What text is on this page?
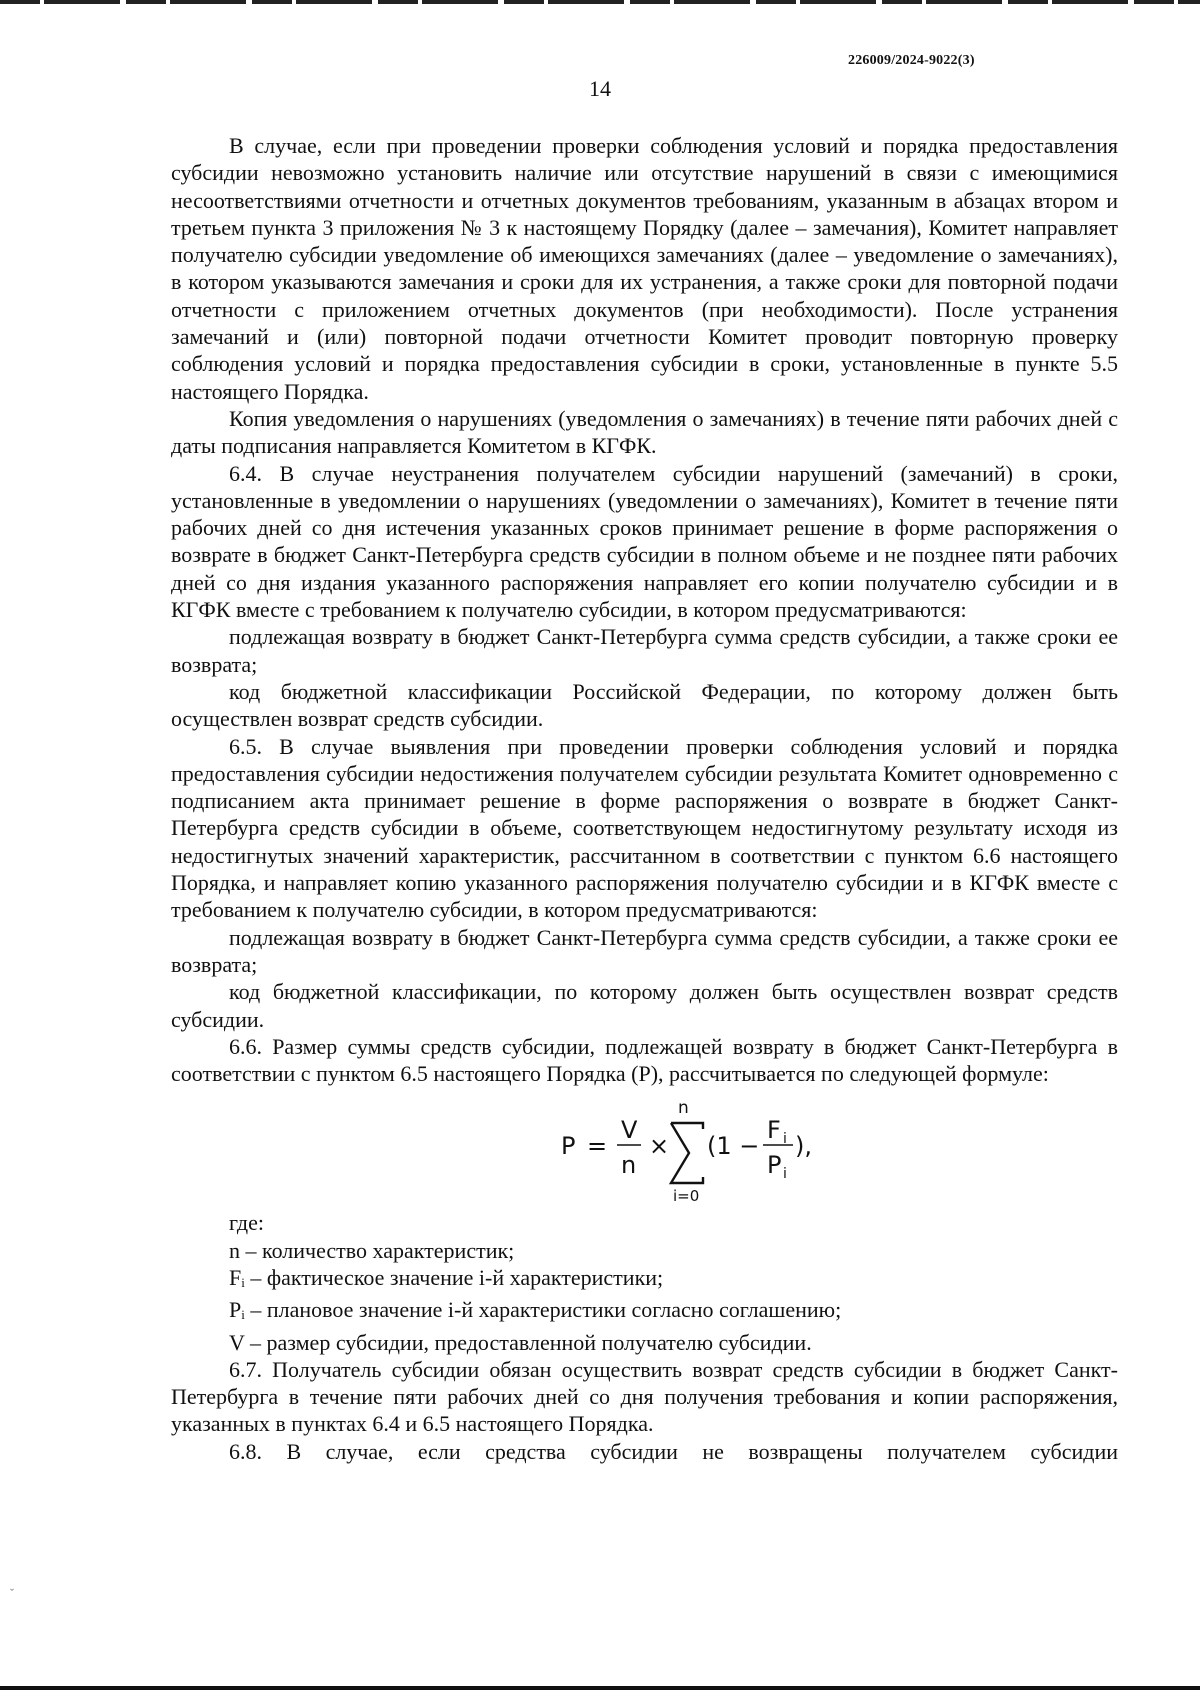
226009/2024-9022(3)
14

В случае, если при проведении проверки соблюдения условий и порядка предоставления субсидии невозможно установить наличие или отсутствие нарушений в связи с имеющимися несоответствиями отчетности и отчетных документов требованиям, указанным в абзацах втором и третьем пункта 3 приложения № 3 к настоящему Порядку (далее – замечания), Комитет направляет получателю субсидии уведомление об имеющихся замечаниях (далее – уведомление о замечаниях), в котором указываются замечания и сроки для их устранения, а также сроки для повторной подачи отчетности с приложением отчетных документов (при необходимости). После устранения замечаний и (или) повторной подачи отчетности Комитет проводит повторную проверку соблюдения условий и порядка предоставления субсидии в сроки, установленные в пункте 5.5 настоящего Порядка.

Копия уведомления о нарушениях (уведомления о замечаниях) в течение пяти рабочих дней с даты подписания направляется Комитетом в КГФК.

6.4. В случае неустранения получателем субсидии нарушений (замечаний) в сроки, установленные в уведомлении о нарушениях (уведомлении о замечаниях), Комитет в течение пяти рабочих дней со дня истечения указанных сроков принимает решение в форме распоряжения о возврате в бюджет Санкт-Петербурга средств субсидии в полном объеме и не позднее пяти рабочих дней со дня издания указанного распоряжения направляет его копии получателю субсидии и в КГФК вместе с требованием к получателю субсидии, в котором предусматриваются:

подлежащая возврату в бюджет Санкт-Петербурга сумма средств субсидии, а также сроки ее возврата;

код бюджетной классификации Российской Федерации, по которому должен быть осуществлен возврат средств субсидии.

6.5. В случае выявления при проведении проверки соблюдения условий и порядка предоставления субсидии недостижения получателем субсидии результата Комитет одновременно с подписанием акта принимает решение в форме распоряжения о возврате в бюджет Санкт-Петербурга средств субсидии в объеме, соответствующем недостигнутому результату исходя из недостигнутых значений характеристик, рассчитанном в соответствии с пунктом 6.6 настоящего Порядка, и направляет копию указанного распоряжения получателю субсидии и в КГФК вместе с требованием к получателю субсидии, в котором предусматриваются:

подлежащая возврату в бюджет Санкт-Петербурга сумма средств субсидии, а также сроки ее возврата;

код бюджетной классификации, по которому должен быть осуществлен возврат средств субсидии.

6.6. Размер суммы средств субсидии, подлежащей возврату в бюджет Санкт-Петербурга в соответствии с пунктом 6.5 настоящего Порядка (P), рассчитывается по следующей формуле:

P =
V
n
×
n
i=0
(1 −
F i
P i
),

где:

n – количество характеристик;

$F_i$ – фактическое значение i-й характеристики;

$P_i$ – плановое значение i-й характеристики согласно соглашению;

V – размер субсидии, предоставленной получателю субсидии.

6.7. Получатель субсидии обязан осуществить возврат средств субсидии в бюджет Санкт-Петербурга в течение пяти рабочих дней со дня получения требования и копии распоряжения, указанных в пунктах 6.4 и 6.5 настоящего Порядка.

6.8. В случае, если средства субсидии не возвращены получателем субсидии

ˇ
